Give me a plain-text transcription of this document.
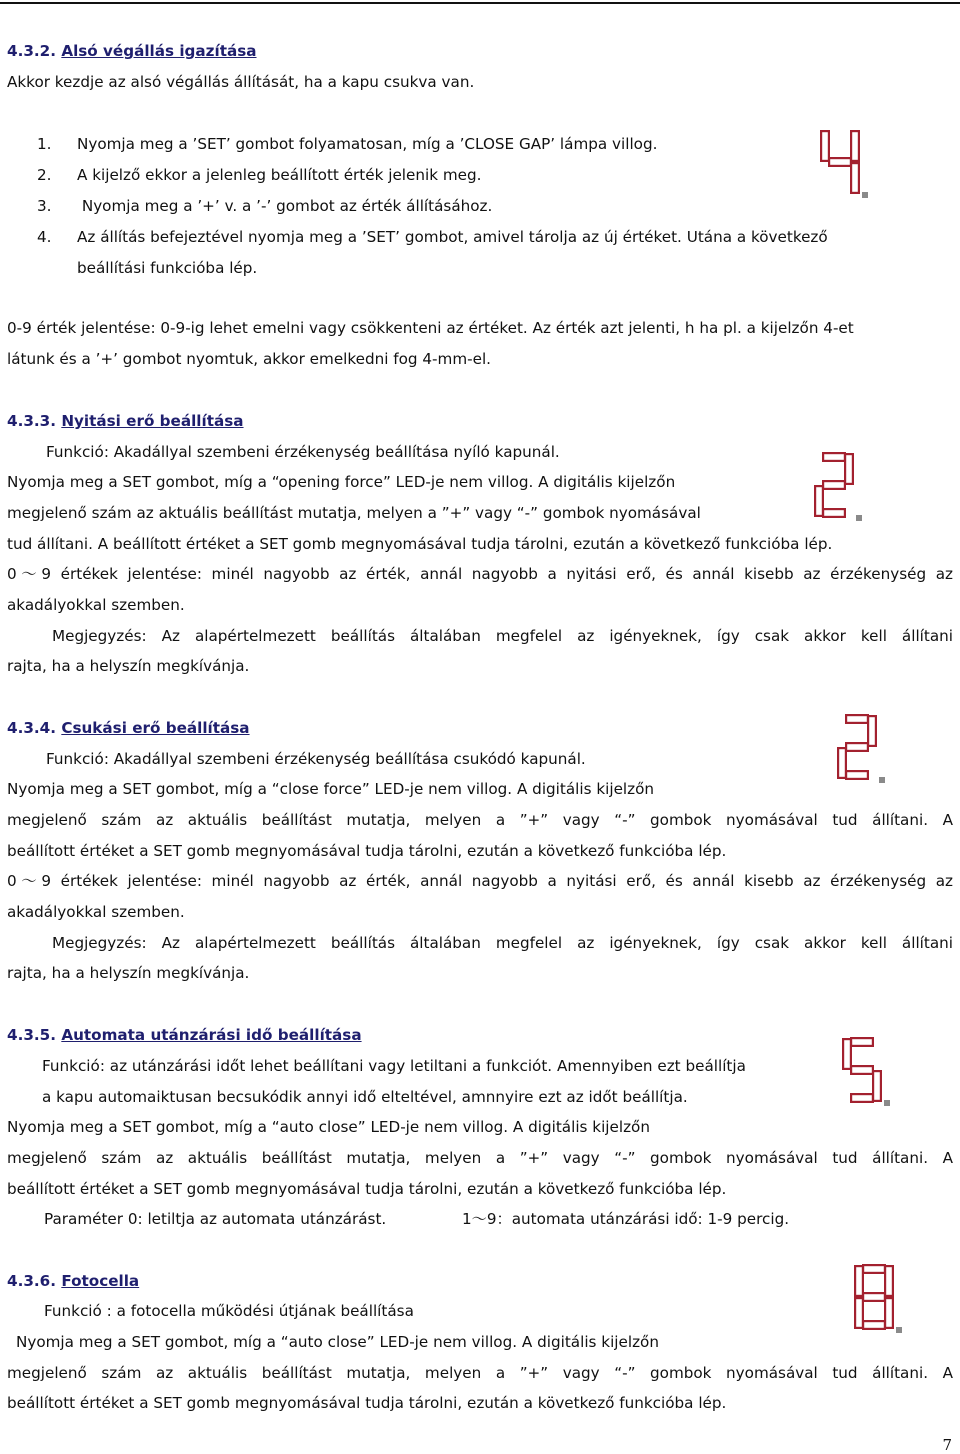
4.3.2. Alsó végállás igazítása
Akkor kezdje az alsó végállás állítását, ha a kapu csukva van.
1. Nyomja meg a ’SET’ gombot folyamatosan, míg a ’CLOSE GAP’ lámpa villog.
2. A kijelző ekkor a jelenleg beállított érték jelenik meg.
3. Nyomja meg a ’+’ v. a ’-’ gombot az érték állításához.
4. Az állítás befejeztével nyomja meg a ’SET’ gombot, amivel tárolja az új értéket. Utána a következő
beállítási funkcióba lép.
0-9 érték jelentése: 0-9-ig lehet emelni vagy csökkenteni az értéket. Az érték azt jelenti, h ha pl. a kijelzőn 4-et
látunk és a ’+’ gombot nyomtuk, akkor emelkedni fog 4-mm-el.
4.3.3. Nyitási erő beállítása
Funkció: Akadállyal szembeni érzékenység beállítása nyíló kapunál.
Nyomja meg a SET gombot, míg a “opening force” LED-je nem villog. A digitális kijelzőn
megjelenő szám az aktuális beállítást mutatja, melyen a ”+” vagy “-” gombok nyomásával
tud állítani. A beállított értéket a SET gomb megnyomásával tudja tárolni, ezután a következő funkcióba lép.
0～9 értékek jelentése: minél nagyobb az érték, annál nagyobb a nyitási erő, és annál kisebb az érzékenység az
akadályokkal szemben.
Megjegyzés: Az alapértelmezett beállítás általában megfelel az igényeknek, így csak akkor kell állítani
rajta, ha a helyszín megkívánja.
4.3.4. Csukási erő beállítása
Funkció: Akadállyal szembeni érzékenység beállítása csukódó kapunál.
Nyomja meg a SET gombot, míg a “close force” LED-je nem villog. A digitális kijelzőn
megjelenő szám az aktuális beállítást mutatja, melyen a ”+” vagy “-” gombok nyomásával tud állítani. A
beállított értéket a SET gomb megnyomásával tudja tárolni, ezután a következő funkcióba lép.
0～9 értékek jelentése: minél nagyobb az érték, annál nagyobb a nyitási erő, és annál kisebb az érzékenység az
akadályokkal szemben.
Megjegyzés: Az alapértelmezett beállítás általában megfelel az igényeknek, így csak akkor kell állítani
rajta, ha a helyszín megkívánja.
4.3.5. Automata utánzárási idő beállítása
Funkció: az utánzárási időt lehet beállítani vagy letiltani a funkciót. Amennyiben ezt beállítja
a kapu automaiktusan becsukódik annyi idő elteltével, amnnyire ezt az időt beállítja.
Nyomja meg a SET gombot, míg a “auto close” LED-je nem villog. A digitális kijelzőn
megjelenő szám az aktuális beállítást mutatja, melyen a ”+” vagy “-” gombok nyomásával tud állítani. A
beállított értéket a SET gomb megnyomásával tudja tárolni, ezután a következő funkcióba lép.
Paraméter 0: letiltja az automata utánzárást.	1～9：automata utánzárási idő: 1-9 percig.
4.3.6. Fotocella
Funkció : a fotocella működési útjának beállítása
Nyomja meg a SET gombot, míg a “auto close” LED-je nem villog. A digitális kijelzőn
megjelenő szám az aktuális beállítást mutatja, melyen a ”+” vagy “-” gombok nyomásával tud állítani. A
beállított értéket a SET gomb megnyomásával tudja tárolni, ezután a következő funkcióba lép.
7
